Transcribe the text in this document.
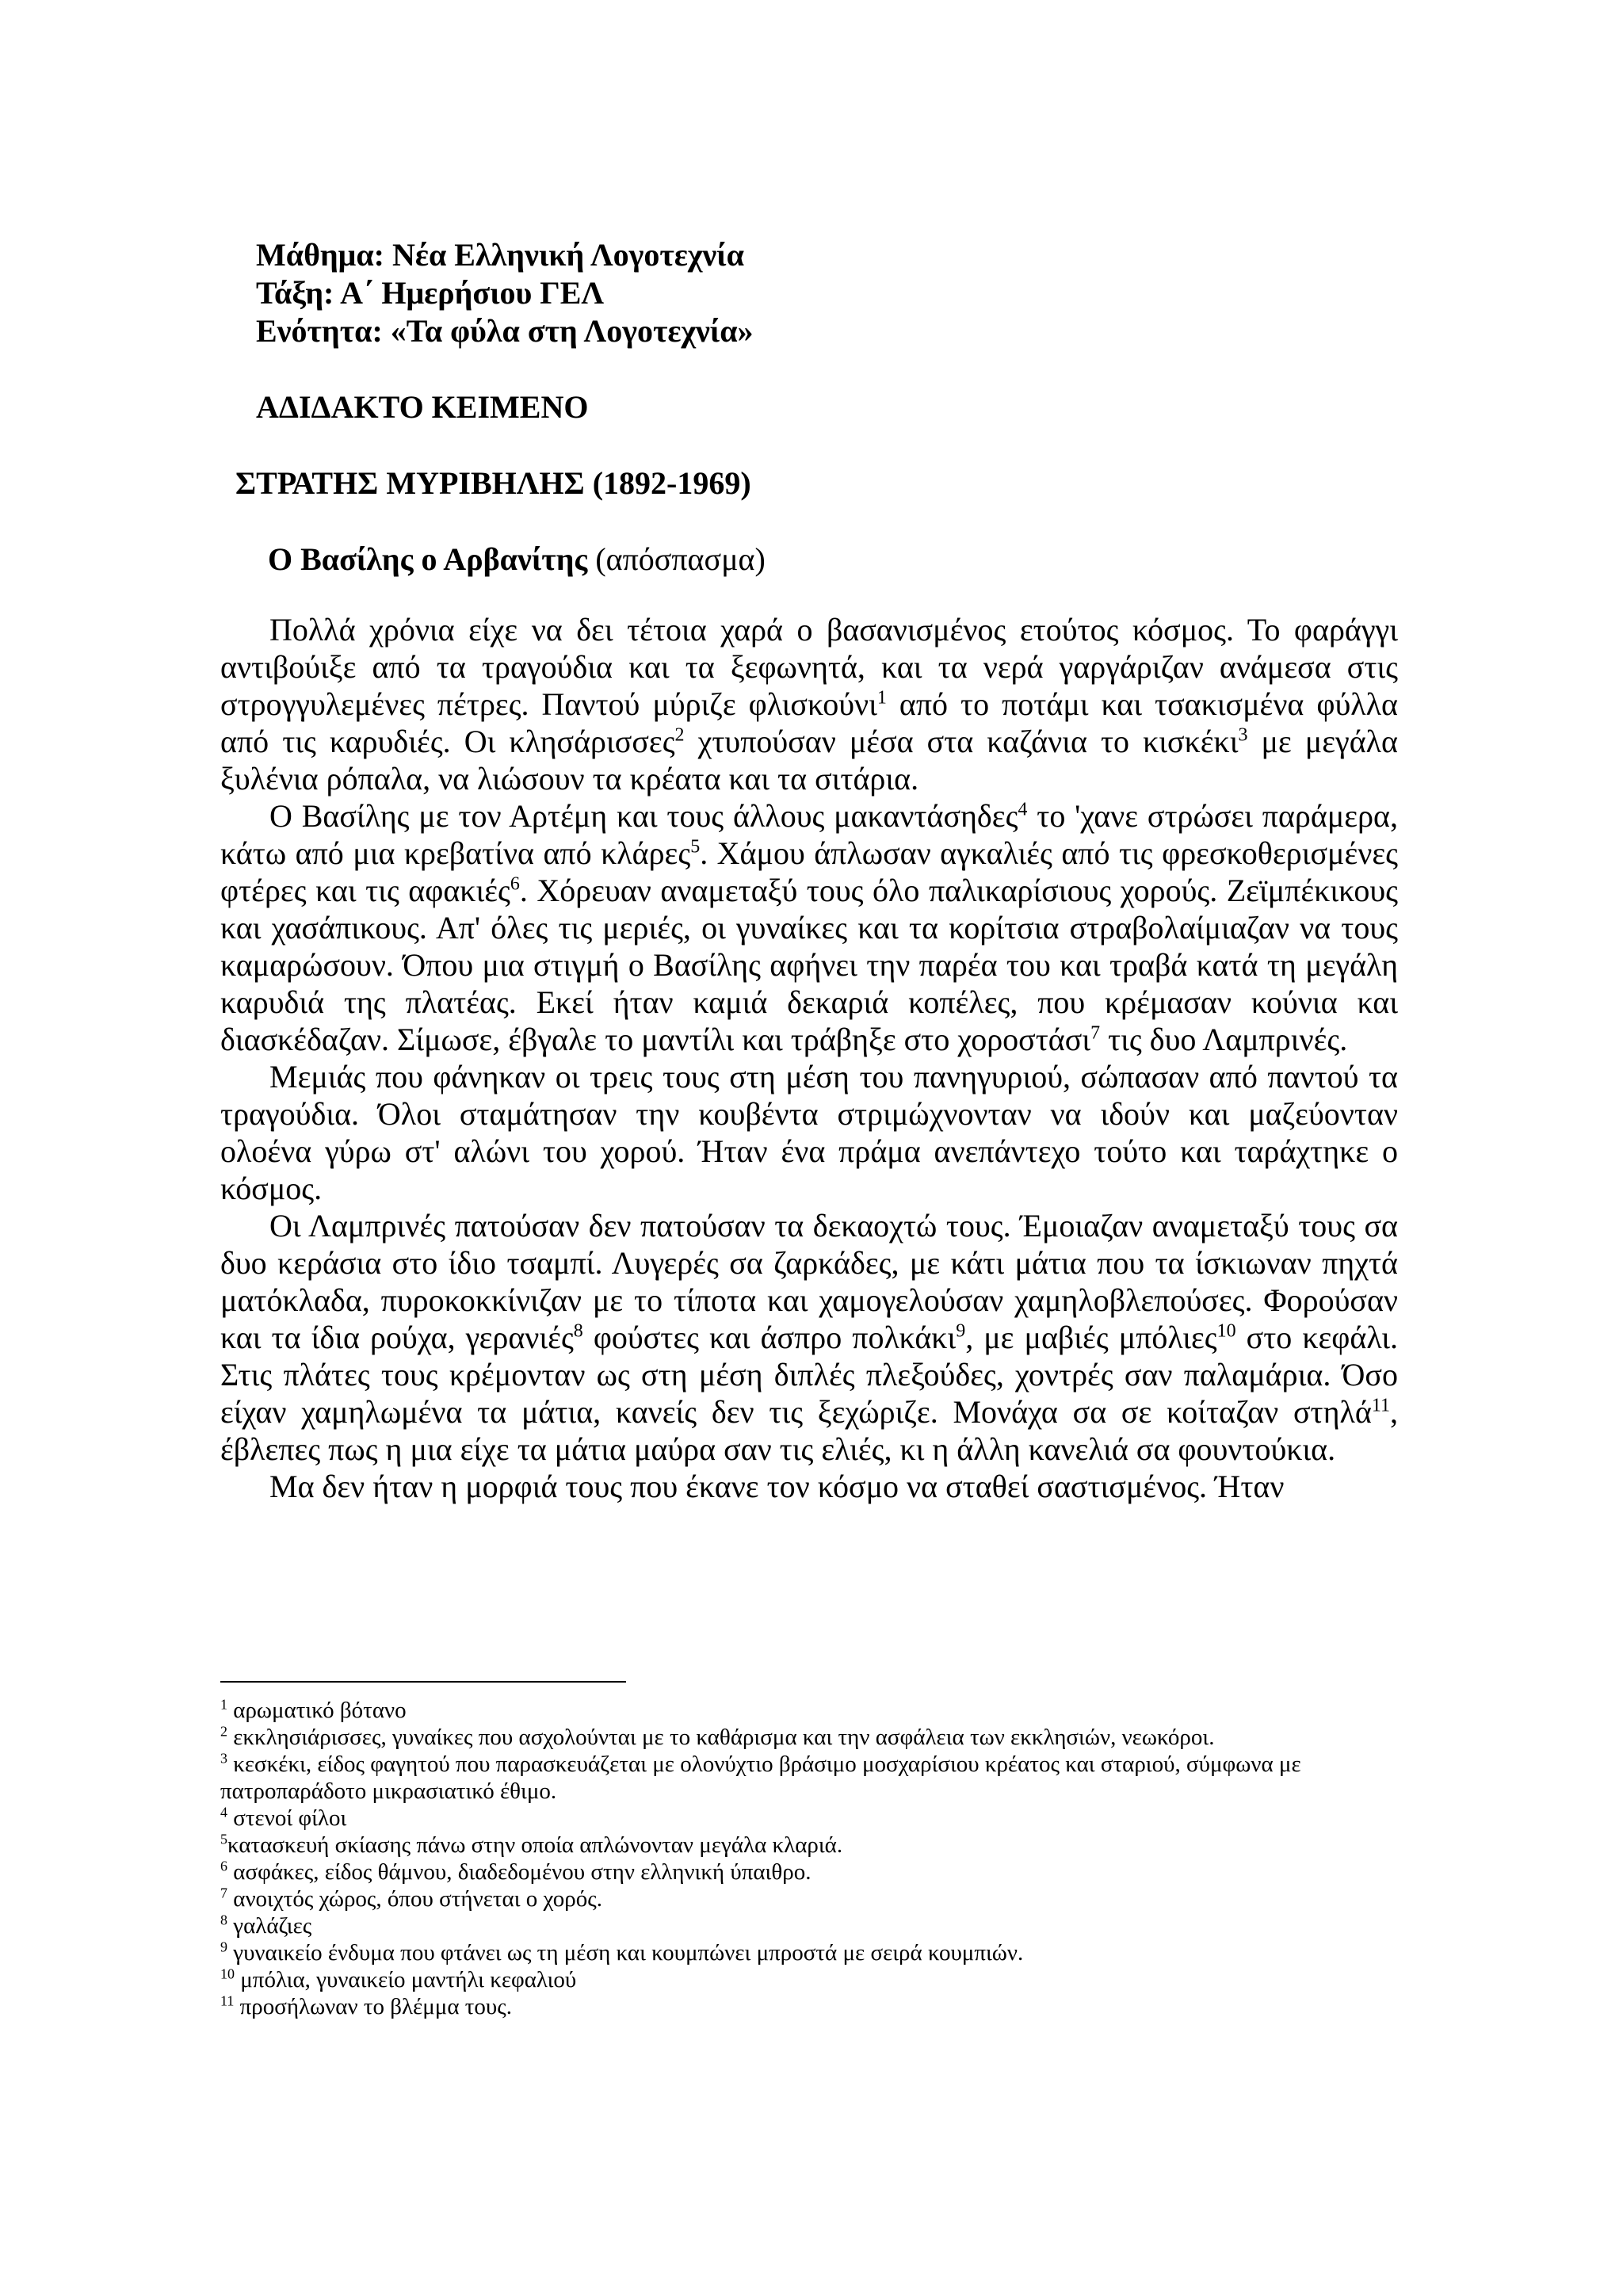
Μάθημα: Νέα Ελληνική Λογοτεχνία
Τάξη: Α΄ Ημερήσιου ΓΕΛ
Ενότητα: «Τα φύλα στη Λογοτεχνία»
ΑΔΙΔΑΚΤΟ ΚΕΙΜΕΝΟ
ΣΤΡΑΤΗΣ ΜΥΡΙΒΗΛΗΣ (1892-1969)
Ο Βασίλης ο Αρβανίτης (απόσπασμα)

Πολλά χρόνια είχε να δει τέτοια χαρά ο βασανισμένος ετούτος κόσμος. Το φαράγγι αντιβούιξε από τα τραγούδια και τα ξεφωνητά, και τα νερά γαργάριζαν ανάμεσα στις στρογγυλεμένες πέτρες. Παντού μύριζε φλισκούνι$^1$ από το ποτάμι και τσακισμένα φύλλα από τις καρυδιές. Οι κλησάρισσες$^2$ χτυπούσαν μέσα στα καζάνια το κισκέκι$^3$ με μεγάλα ξυλένια ρόπαλα, να λιώσουν τα κρέατα και τα σιτάρια.

Ο Βασίλης με τον Αρτέμη και τους άλλους μακαντάσηδες$^4$ το 'χανε στρώσει παράμερα, κάτω από μια κρεβατίνα από κλάρες$^5$. Χάμου άπλωσαν αγκαλιές από τις φρεσκοθερισμένες φτέρες και τις αφακιές$^6$. Χόρευαν αναμεταξύ τους όλο παλικαρίσιους χορούς. Ζεϊμπέκικους και χασάπικους. Απ' όλες τις μεριές, οι γυναίκες και τα κορίτσια στραβολαίμιαζαν να τους καμαρώσουν. Όπου μια στιγμή ο Βασίλης αφήνει την παρέα του και τραβά κατά τη μεγάλη καρυδιά της πλατέας. Εκεί ήταν καμιά δεκαριά κοπέλες, που κρέμασαν κούνια και διασκέδαζαν. Σίμωσε, έβγαλε το μαντίλι και τράβηξε στο χοροστάσι$^7$ τις δυο Λαμπρινές.

Μεμιάς που φάνηκαν οι τρεις τους στη μέση του πανηγυριού, σώπασαν από παντού τα τραγούδια. Όλοι σταμάτησαν την κουβέντα στριμώχνονταν να ιδούν και μαζεύονταν ολοένα γύρω στ' αλώνι του χορού. Ήταν ένα πράμα ανεπάντεχο τούτο και ταράχτηκε ο κόσμος.

Οι Λαμπρινές πατούσαν δεν πατούσαν τα δεκαοχτώ τους. Έμοιαζαν αναμεταξύ τους σα δυο κεράσια στο ίδιο τσαμπί. Λυγερές σα ζαρκάδες, με κάτι μάτια που τα ίσκιωναν πηχτά ματόκλαδα, πυροκοκκίνιζαν με το τίποτα και χαμογελούσαν χαμηλοβλεπούσες. Φορούσαν και τα ίδια ρούχα, γερανιές$^8$ φούστες και άσπρο πολκάκι$^9$, με μαβιές μπόλιες$^{10}$ στο κεφάλι. Στις πλάτες τους κρέμονταν ως στη μέση διπλές πλεξούδες, χοντρές σαν παλαμάρια. Όσο είχαν χαμηλωμένα τα μάτια, κανείς δεν τις ξεχώριζε. Μονάχα σα σε κοίταζαν στηλά$^{11}$, έβλεπες πως η μια είχε τα μάτια μαύρα σαν τις ελιές, κι η άλλη κανελιά σα φουντούκια.

Μα δεν ήταν η μορφιά τους που έκανε τον κόσμο να σταθεί σαστισμένος. Ήταν

$^1$ αρωματικό βότανο
$^2$ εκκλησιάρισσες, γυναίκες που ασχολούνται με το καθάρισμα και την ασφάλεια των εκκλησιών, νεωκόροι.
$^3$ κεσκέκι, είδος φαγητού που παρασκευάζεται με ολονύχτιο βράσιμο μοσχαρίσιου κρέατος και σταριού, σύμφωνα με πατροπαράδοτο μικρασιατικό έθιμο.
$^4$ στενοί φίλοι
$^5$κατασκευή σκίασης πάνω στην οποία απλώνονταν μεγάλα κλαριά.
$^6$ ασφάκες, είδος θάμνου, διαδεδομένου στην ελληνική ύπαιθρο.
$^7$ ανοιχτός χώρος, όπου στήνεται ο χορός.
$^8$ γαλάζιες
$^9$ γυναικείο ένδυμα που φτάνει ως τη μέση και κουμπώνει μπροστά με σειρά κουμπιών.
$^{10}$ μπόλια, γυναικείο μαντήλι κεφαλιού
$^{11}$ προσήλωναν το βλέμμα τους.
